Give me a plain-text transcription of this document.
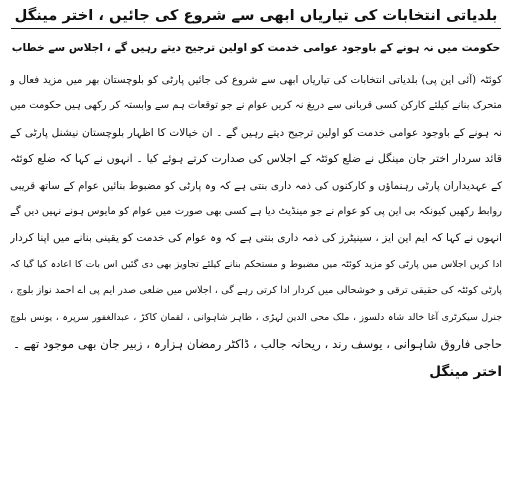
بلدیاتی انتخابات کی تیاریاں ابھی سے شروع کی جائیں ، اختر مینگل
حکومت میں نہ ہونے کے باوجود عوامی خدمت کو اولین ترجیح دیتے رہیں گے ، اجلاس سے خطاب
کوئٹہ (آئی این پی) بلدیاتی انتخابات کی تیاریاں ابھی سے شروع کی جائیں پارٹی کو بلوچستان بھر میں مزید فعال و
متحرک بنانے کیلئے کارکن کسی قربانی سے دریغ نہ کریں عوام نے جو توقعات ہم سے وابستہ کر رکھی ہیں حکومت میں
نہ ہونے کے باوجود عوامی خدمت کو اولین ترجیح دیتے رہیں گے ۔ ان خیالات کا اظہار بلوچستان نیشنل پارٹی کے
قائد سردار اختر جان مینگل نے ضلع کوئٹہ کے اجلاس کی صدارت کرتے ہوئے کیا ۔ انہوں نے کہا کہ ضلع کوئٹہ
کے عہدیداران پارٹی رہنماؤں و کارکنوں کی ذمہ داری بنتی ہے کہ وہ پارٹی کو مضبوط بنائیں عوام کے ساتھ قریبی
روابط رکھیں کیونکہ بی این پی کو عوام نے جو مینڈیٹ دیا ہے کسی بھی صورت میں عوام کو مایوس ہونے نہیں دیں گے
انہوں نے کہا کہ ایم این ایز ، سینیٹرز کی ذمہ داری بنتی ہے کہ وہ عوام کی خدمت کو یقینی بنانے میں اپنا کردار
ادا کریں اجلاس میں پارٹی کو مزید کوئٹہ میں مضبوط و مستحکم بنانے کیلئے تجاویز بھی دی گئیں اس بات کا اعادہ کیا گیا کہ
پارٹی کوئٹہ کی حقیقی ترقی و خوشحالی میں کردار ادا کرتی رہے گی ، اجلاس میں ضلعی صدر ایم پی اے احمد نواز بلوچ ،
جنرل سیکرٹری آغا خالد شاہ دلسوز ، ملک محی الدین لہڑی ، طاہر شاہوانی ، لقمان کاکڑ ، عبدالغفور سرپرہ ، یونس بلوچ
حاجی فاروق شاہوانی ، یوسف رند ، ریحانہ جالب ، ڈاکٹر رمضان ہزارہ ، زبیر جان بھی موجود تھے ۔
اختر مینگل
